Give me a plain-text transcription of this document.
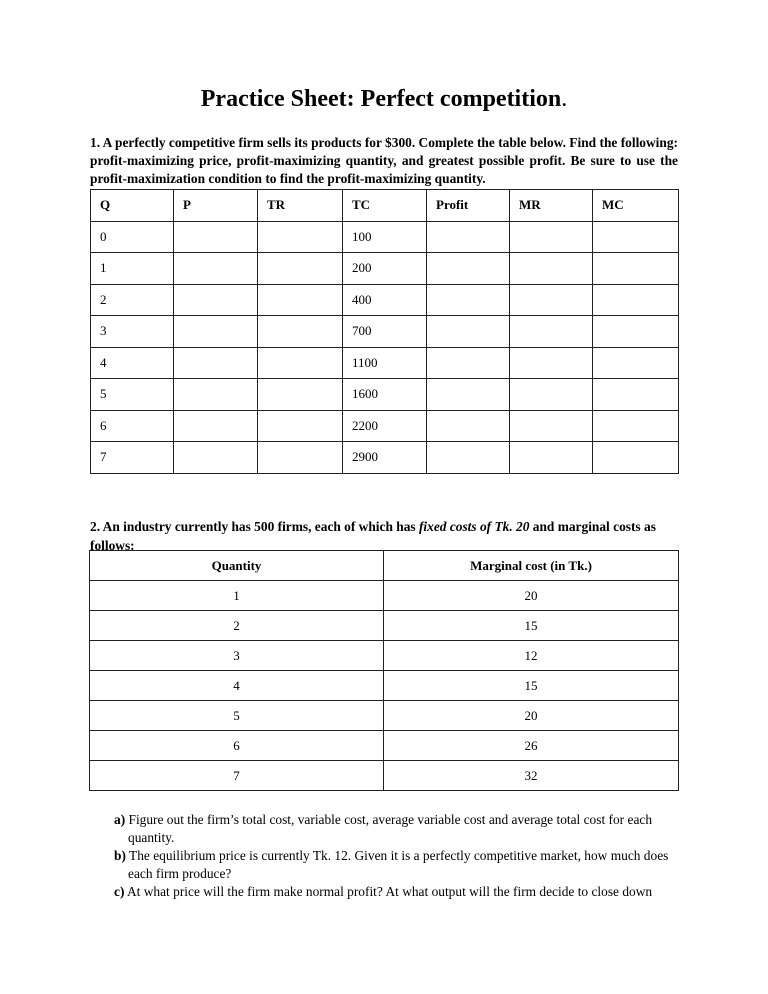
Practice Sheet: Perfect competition.
1. A perfectly competitive firm sells its products for $300. Complete the table below. Find the following: profit-maximizing price, profit-maximizing quantity, and greatest possible profit. Be sure to use the profit-maximization condition to find the profit-maximizing quantity.
Q	P	TR	TC	Profit	MR	MC
0			100			
1			200			
2			400			
3			700			
4			1100			
5			1600			
6			2200			
7			2900			
2. An industry currently has 500 firms, each of which has fixed costs of Tk. 20 and marginal costs as follows:
Quantity	Marginal cost (in Tk.)
1	20
2	15
3	12
4	15
5	20
6	26
7	32

a) Figure out the firm’s total cost, variable cost, average variable cost and average total cost for each quantity.

b) The equilibrium price is currently Tk. 12. Given it is a perfectly competitive market, how much does each firm produce?

c) At what price will the firm make normal profit? At what output will the firm decide to close down
